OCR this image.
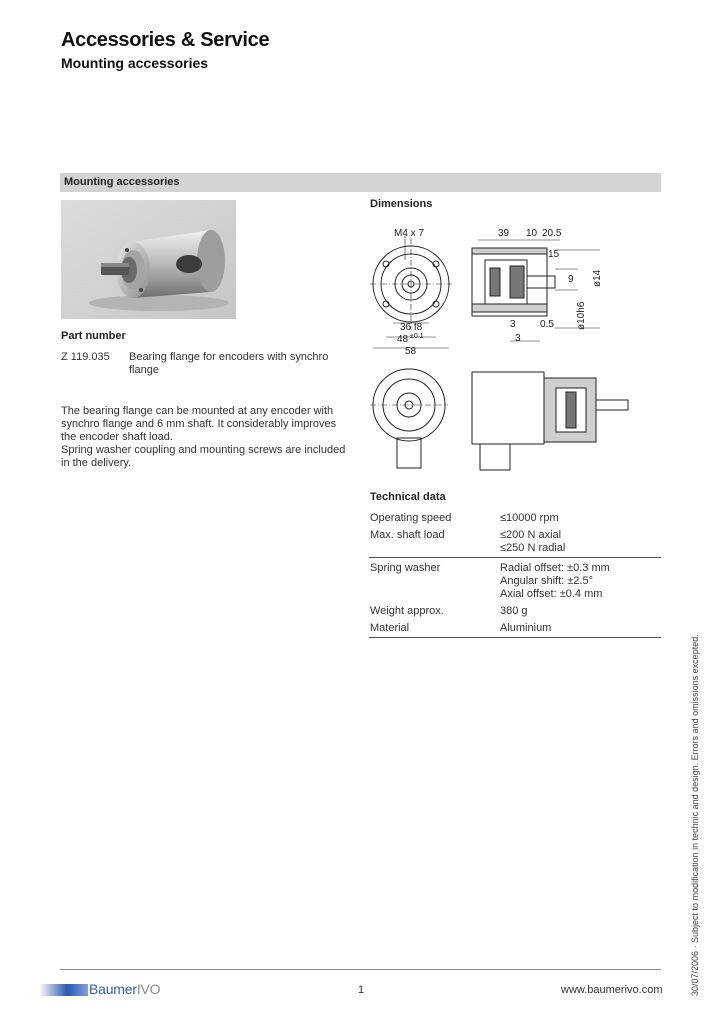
Accessories & Service
Mounting accessories
Mounting accessories
Part number
Z 119.035 Bearing flange for encoders with synchro
flange
The bearing flange can be mounted at any encoder with
synchro flange and 6 mm shaft. It considerably improves
the encoder shaft load.
Spring washer coupling and mounting screws are included
in the delivery.
Dimensions
M4 x 7
36 f8
48 ±0.1
58
39 10 20.5
15
9 ø14
ø10h6
3 0.5
3
Technical data
Operating speed	≤10000 rpm

Max. shaft load	≤200 N axial
≤250 N radial

Spring washer	Radial offset: ±0.3 mm
Angular shift: ±2.5°
Axial offset: ±0.4 mm

Weight approx.	380 g

Material	Aluminium
30/07/2006 · Subject to modification in technic and design. Errors and omissions excepted.
BaumerIVO	1	www.baumerivo.com
